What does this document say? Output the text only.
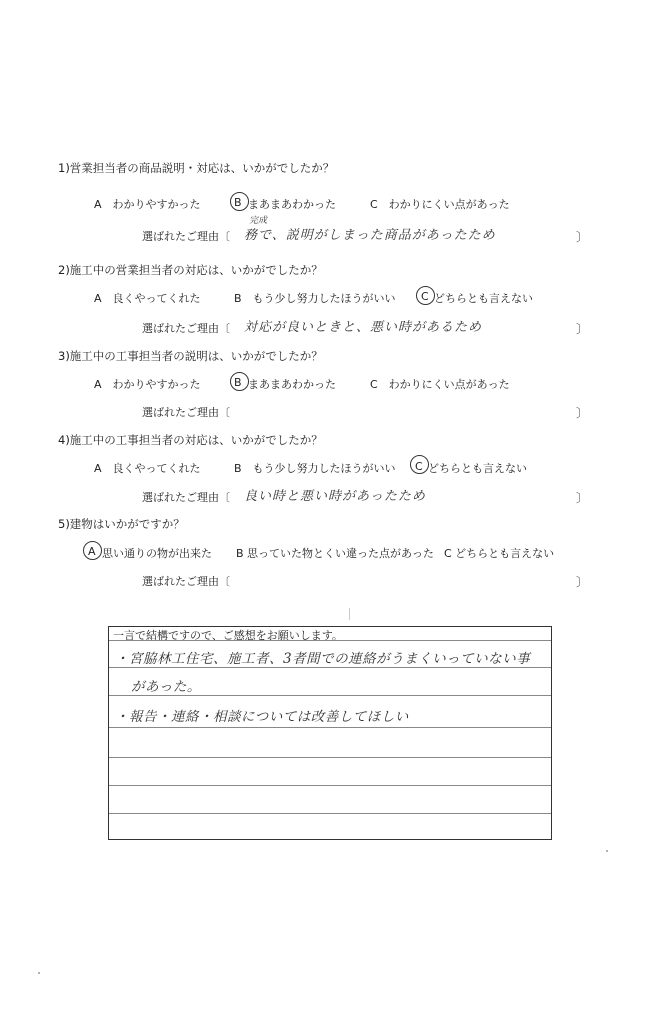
1)営業担当者の商品説明・対応は、いかがでしたか？
A　わかりやすかった	B まあまあわかった	C　わかりにくい点があった
完成
選ばれたご理由〔 務で、説明がしまった商品があったため	〕
2)施工中の営業担当者の対応は、いかがでしたか？
A　良くやってくれた	B　もう少し努力したほうがいい C どちらとも言えない
選ばれたご理由〔 対応が良いときと、悪い時があるため	〕
3)施工中の工事担当者の説明は、いかがでしたか？
A　わかりやすかった	B まあまあわかった	C　わかりにくい点があった
選ばれたご理由〔	〕
4)施工中の工事担当者の対応は、いかがでしたか？
A　良くやってくれた	B　もう少し努力したほうがいい C どちらとも言えない
選ばれたご理由〔 良い時と悪い時があったため	〕
5)建物はいかがですか？
A 思い通りの物が出来た B 思っていた物とくい違った点があった C どちらとも言えない
選ばれたご理由〔	〕
一言で結構ですので、ご感想をお願いします。
・宮脇林工住宅、施工者、3者間での連絡がうまくいっていない事
があった。
・報告・連絡・相談については改善してほしい
